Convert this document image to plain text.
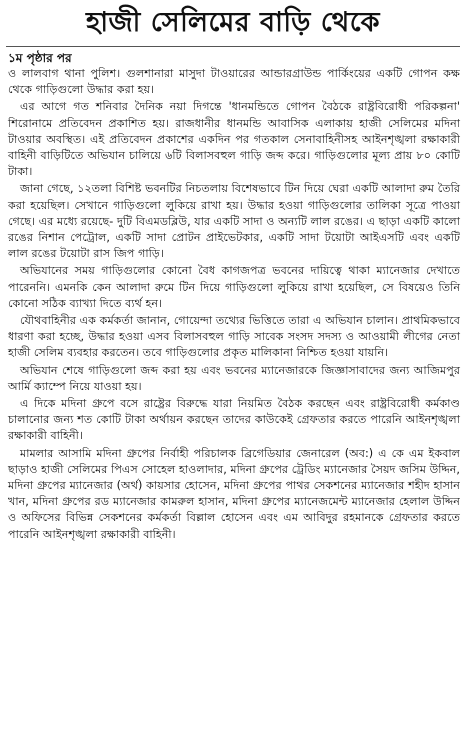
হাজী সেলিমের বাড়ি থেকে
১ম পৃষ্ঠার পর

ও লালবাগ থানা পুলিশ। গুলশানারা মাসুদা টাওয়ারের আন্ডারগ্রাউন্ড পার্কিংয়ের একটি গোপন কক্ষ থেকে গাড়িগুলো উদ্ধার করা হয়।

এর আগে গত শনিবার দৈনিক নয়া দিগন্তে 'ধানমন্ডিতে গোপন বৈঠকে রাষ্ট্রবিরোধী পরিকল্পনা' শিরোনামে প্রতিবেদন প্রকাশিত হয়। রাজধানীর ধানমন্ডি আবাসিক এলাকায় হাজী সেলিমের মদিনা টাওয়ার অবস্থিত। এই প্রতিবেদন প্রকাশের একদিন পর গতকাল সেনাবাহিনীসহ আইনশৃঙ্খলা রক্ষাকারী বাহিনী বাড়িটিতে অভিযান চালিয়ে ৬টি বিলাসবহুল গাড়ি জব্দ করে। গাড়িগুলোর মূল্য প্রায় ৮০ কোটি টাকা।

জানা গেছে, ১২তলা বিশিষ্ট ভবনটির নিচতলায় বিশেষভাবে টিন দিয়ে ঘেরা একটি আলাদা রুম তৈরি করা হয়েছিল। সেখানে গাড়িগুলো লুকিয়ে রাখা হয়। উদ্ধার হওয়া গাড়িগুলোর তালিকা সূত্রে পাওয়া গেছে। এর মধ্যে রয়েছে- দুটি বিএমডব্লিউ, যার একটি সাদা ও অন্যটি লাল রঙের। এ ছাড়া একটি কালো রঙের নিশান পেট্রোল, একটি সাদা প্রোটন প্রাইভেটকার, একটি সাদা টয়োটা আইএসটি এবং একটি লাল রঙের টয়োটা রাস জিপ গাড়ি।

অভিযানের সময় গাড়িগুলোর কোনো বৈধ কাগজপত্র ভবনের দায়িত্বে থাকা ম্যানেজার দেখাতে পারেননি। এমনকি কেন আলাদা রুমে টিন দিয়ে গাড়িগুলো লুকিয়ে রাখা হয়েছিল, সে বিষয়েও তিনি কোনো সঠিক ব্যাখ্যা দিতে ব্যর্থ হন।

যৌথবাহিনীর এক কর্মকর্তা জানান, গোয়েন্দা তথ্যের ভিত্তিতে তারা এ অভিযান চালান। প্রাথমিকভাবে ধারণা করা হচ্ছে, উদ্ধার হওয়া এসব বিলাসবহুল গাড়ি সাবেক সংসদ সদস্য ও আওয়ামী লীগের নেতা হাজী সেলিম ব্যবহার করতেন। তবে গাড়িগুলোর প্রকৃত মালিকানা নিশ্চিত হওয়া যায়নি।

অভিযান শেষে গাড়িগুলো জব্দ করা হয় এবং ভবনের ম্যানেজারকে জিজ্ঞাসাবাদের জন্য আজিমপুর আর্মি ক্যাম্পে নিয়ে যাওয়া হয়।

এ দিকে মদিনা গ্রুপে বসে রাষ্ট্রের বিরুদ্ধে যারা নিয়মিত বৈঠক করছেন এবং রাষ্ট্রবিরোধী কর্মকাণ্ড চালানোর জন্য শত কোটি টাকা অর্থায়ন করছেন তাদের কাউকেই গ্রেফতার করতে পারেনি আইনশৃঙ্খলা রক্ষাকারী বাহিনী।

মামলার আসামি মদিনা গ্রুপের নির্বাহী পরিচালক ব্রিগেডিয়ার জেনারেল (অব:) এ কে এম ইকবাল ছাড়াও হাজী সেলিমের পিএস সোহেল হাওলাদার, মদিনা গ্রুপের ট্রেডিং ম্যানেজার সৈয়দ জসিম উদ্দিন, মদিনা গ্রুপের ম্যানেজার (অর্থ) কায়সার হোসেন, মদিনা গ্রুপের পাথর সেকশনের ম্যানেজার শহীদ হাসান খান, মদিনা গ্রুপের রড ম্যানেজার কামরুল হাসান, মদিনা গ্রুপের ম্যানেজমেন্ট ম্যানেজার হেলাল উদ্দিন ও অফিসের বিভিন্ন সেকশনের কর্মকর্তা বিল্লাল হোসেন এবং এম আবিদুর রহমানকে গ্রেফতার করতে পারেনি আইনশৃঙ্খলা রক্ষাকারী বাহিনী।
